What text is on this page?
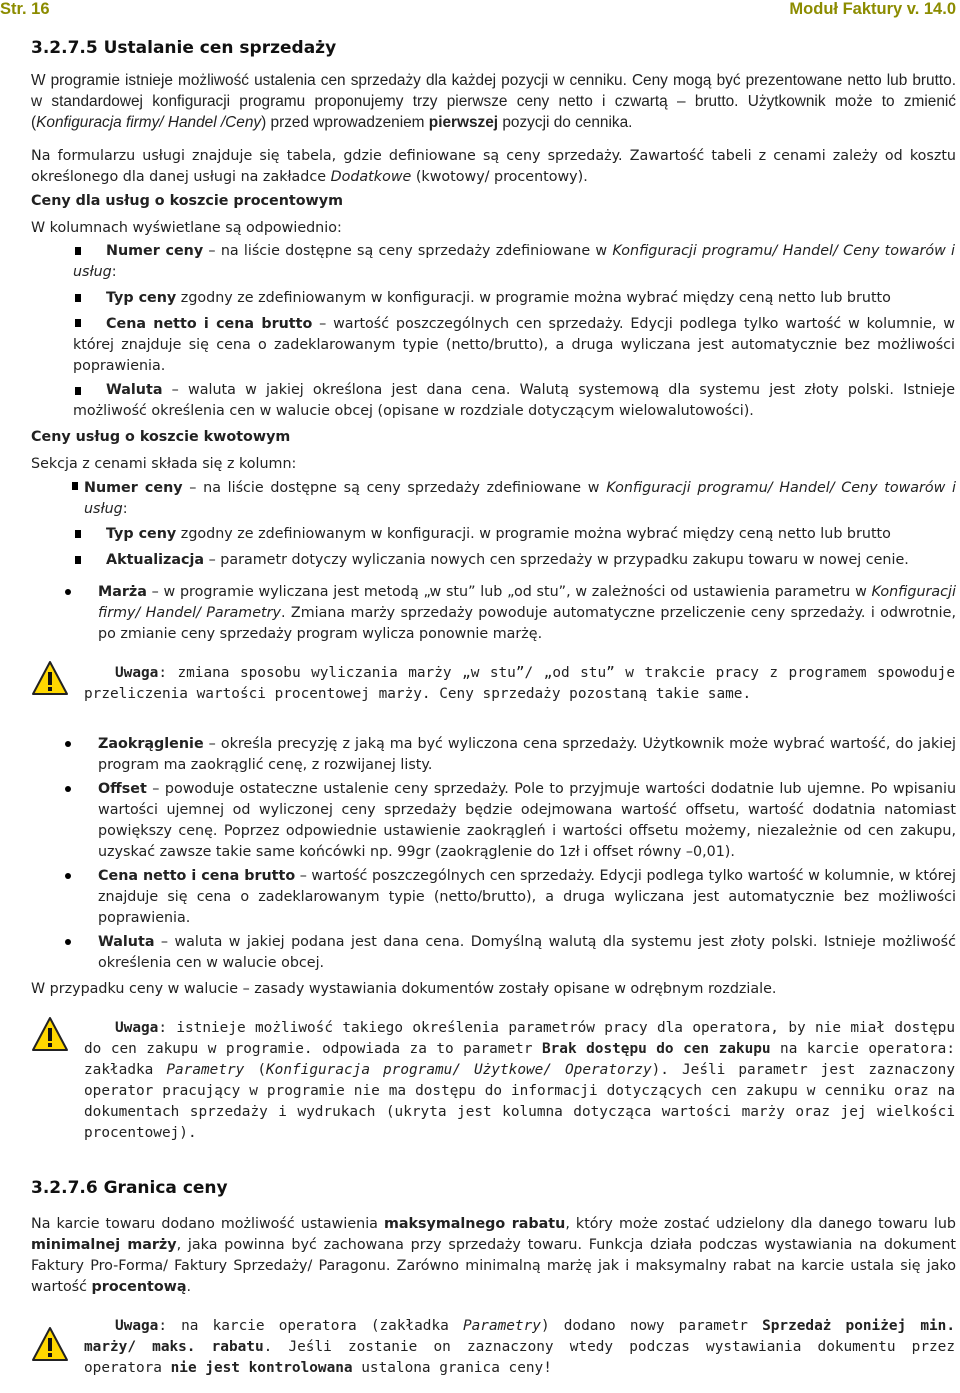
Str. 16	Moduł Faktury v. 14.0
3.2.7.5 Ustalanie cen sprzedaży
W programie istnieje możliwość ustalenia cen sprzedaży dla każdej pozycji w cenniku. Ceny mogą być prezentowane netto lub brutto. w standardowej konfiguracji programu proponujemy trzy pierwsze ceny netto i czwartą – brutto. Użytkownik może to zmienić (Konfiguracja firmy/ Handel /Ceny) przed wprowadzeniem pierwszej pozycji do cennika.
Na formularzu usługi znajduje się tabela, gdzie definiowane są ceny sprzedaży. Zawartość tabeli z cenami zależy od kosztu określonego dla danej usługi na zakładce Dodatkowe (kwotowy/ procentowy).
Ceny dla usług o koszcie procentowym
W kolumnach wyświetlane są odpowiednio:
Numer ceny – na liście dostępne są ceny sprzedaży zdefiniowane w Konfiguracji programu/ Handel/ Ceny towarów i usług:
Typ ceny zgodny ze zdefiniowanym w konfiguracji. w programie można wybrać między ceną netto lub brutto
Cena netto i cena brutto – wartość poszczególnych cen sprzedaży. Edycji podlega tylko wartość w kolumnie, w której znajduje się cena o zadeklarowanym typie (netto/brutto), a druga wyliczana jest automatycznie bez możliwości poprawienia.
Waluta – waluta w jakiej określona jest dana cena. Walutą systemową dla systemu jest złoty polski. Istnieje możliwość określenia cen w walucie obcej (opisane w rozdziale dotyczącym wielowalutowości).
Ceny usług o koszcie kwotowym
Sekcja z cenami składa się z kolumn:
Numer ceny – na liście dostępne są ceny sprzedaży zdefiniowane w Konfiguracji programu/ Handel/ Ceny towarów i usług:
Typ ceny zgodny ze zdefiniowanym w konfiguracji. w programie można wybrać między ceną netto lub brutto
Aktualizacja – parametr dotyczy wyliczania nowych cen sprzedaży w przypadku zakupu towaru w nowej cenie.
Marża – w programie wyliczana jest metodą „w stu” lub „od stu”, w zależności od ustawienia parametru w Konfiguracji firmy/ Handel/ Parametry. Zmiana marży sprzedaży powoduje automatyczne przeliczenie ceny sprzedaży. i odwrotnie, po zmianie ceny sprzedaży program wylicza ponownie marżę.
Uwaga: zmiana sposobu wyliczania marży „w stu”/ „od stu” w trakcie pracy z programem spowoduje przeliczenia wartości procentowej marży. Ceny sprzedaży pozostaną takie same.
Zaokrąglenie – określa precyzję z jaką ma być wyliczona cena sprzedaży. Użytkownik może wybrać wartość, do jakiej program ma zaokrąglić cenę, z rozwijanej listy.
Offset – powoduje ostateczne ustalenie ceny sprzedaży. Pole to przyjmuje wartości dodatnie lub ujemne. Po wpisaniu wartości ujemnej od wyliczonej ceny sprzedaży będzie odejmowana wartość offsetu, wartość dodatnia natomiast powiększy cenę. Poprzez odpowiednie ustawienie zaokrągleń i wartości offsetu możemy, niezależnie od cen zakupu, uzyskać zawsze takie same końcówki np. 99gr (zaokrąglenie do 1zł i offset równy –0,01).
Cena netto i cena brutto – wartość poszczególnych cen sprzedaży. Edycji podlega tylko wartość w kolumnie, w której znajduje się cena o zadeklarowanym typie (netto/brutto), a druga wyliczana jest automatycznie bez możliwości poprawienia.
Waluta – waluta w jakiej podana jest dana cena. Domyślną walutą dla systemu jest złoty polski. Istnieje możliwość określenia cen w walucie obcej.
W przypadku ceny w walucie – zasady wystawiania dokumentów zostały opisane w odrębnym rozdziale.
Uwaga: istnieje możliwość takiego określenia parametrów pracy dla operatora, by nie miał dostępu do cen zakupu w programie. odpowiada za to parametr Brak dostępu do cen zakupu na karcie operatora: zakładka Parametry (Konfiguracja programu/ Użytkowe/ Operatorzy). Jeśli parametr jest zaznaczony operator pracujący w programie nie ma dostępu do informacji dotyczących cen zakupu w cenniku oraz na dokumentach sprzedaży i wydrukach (ukryta jest kolumna dotycząca wartości marży oraz jej wielkości procentowej).
3.2.7.6 Granica ceny
Na karcie towaru dodano możliwość ustawienia maksymalnego rabatu, który może zostać udzielony dla danego towaru lub minimalnej marży, jaka powinna być zachowana przy sprzedaży towaru. Funkcja działa podczas wystawiania na dokument Faktury Pro-Forma/ Faktury Sprzedaży/ Paragonu. Zarówno minimalną marżę jak i maksymalny rabat na karcie ustala się jako wartość procentową.
Uwaga: na karcie operatora (zakładka Parametry) dodano nowy parametr Sprzedaż poniżej min. marży/ maks. rabatu. Jeśli zostanie on zaznaczony wtedy podczas wystawiania dokumentu przez operatora nie jest kontrolowana ustalona granica ceny!
